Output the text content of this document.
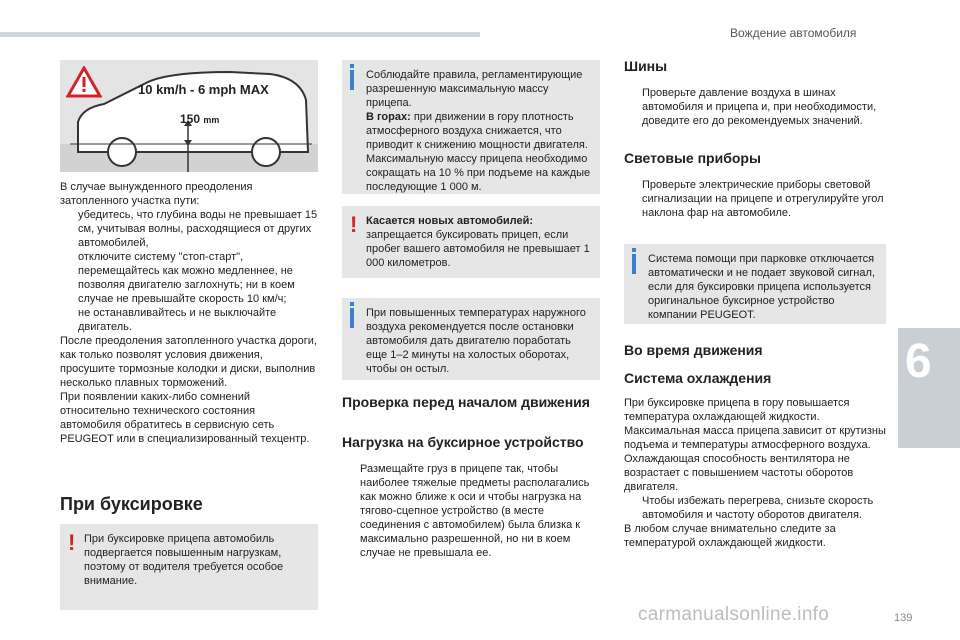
Вождение автомобиля
6
10 km/h - 6 mph MAX
150 mm

В случае вынужденного преодоления затопленного участка пути:

убедитесь, что глубина воды не превышает 15 см, учитывая волны, расходящиеся от других автомобилей,
отключите систему "стоп-старт",
перемещайтесь как можно медленнее, не позволяя двигателю заглохнуть; ни в коем случае не превышайте скорость 10 км/ч;
не останавливайтесь и не выключайте двигатель.

После преодоления затопленного участка дороги, как только позволят условия движения, просушите тормозные колодки и диски, выполнив несколько плавных торможений.

При появлении каких-либо сомнений относительно технического состояния автомобиля обратитесь в сервисную сеть PEUGEOT или в специализированный техцентр.

При буксировке
! При буксировке прицепа автомобиль подвергается повышенным нагрузкам, поэтому от водителя требуется особое внимание.

Соблюдайте правила, регламентирующие разрешенную максимальную массу прицепа.

В горах: при движении в гору плотность атмосферного воздуха снижается, что приводит к снижению мощности двигателя. Максимальную массу прицепа необходимо сокращать на 10 % при подъеме на каждые последующие 1 000 м.

! Касается новых автомобилей:

запрещается буксировать прицеп, если пробег вашего автомобиля не превышает 1 000 километров.

При повышенных температурах наружного воздуха рекомендуется после остановки автомобиля дать двигателю поработать еще 1–2 минуты на холостых оборотах, чтобы он остыл.
Проверка перед началом движения
Нагрузка на буксирное устройство
Размещайте груз в прицепе так, чтобы наиболее тяжелые предметы располагались как можно ближе к оси и чтобы нагрузка на тягово-сцепное устройство (в месте соединения с автомобилем) была близка к максимально разрешенной, но ни в коем случае не превышала ее.
Шины
Проверьте давление воздуха в шинах автомобиля и прицепа и, при необходимости, доведите его до рекомендуемых значений.
Световые приборы
Проверьте электрические приборы световой сигнализации на прицепе и отрегулируйте угол наклона фар на автомобиле.
Система помощи при парковке отключается автоматически и не подает звуковой сигнал, если для буксировки прицепа используется оригинальное буксирное устройство компании PEUGEOT.
Во время движения
Система охлаждения

При буксировке прицепа в гору повышается температура охлаждающей жидкости. Максимальная масса прицепа зависит от крутизны подъема и температуры атмосферного воздуха. Охлаждающая способность вентилятора не возрастает с повышением частоты оборотов двигателя.

Чтобы избежать перегрева, снизьте скорость автомобиля и частоту оборотов двигателя.

В любом случае внимательно следите за температурой охлаждающей жидкости.

carmanualsonline.info	139
